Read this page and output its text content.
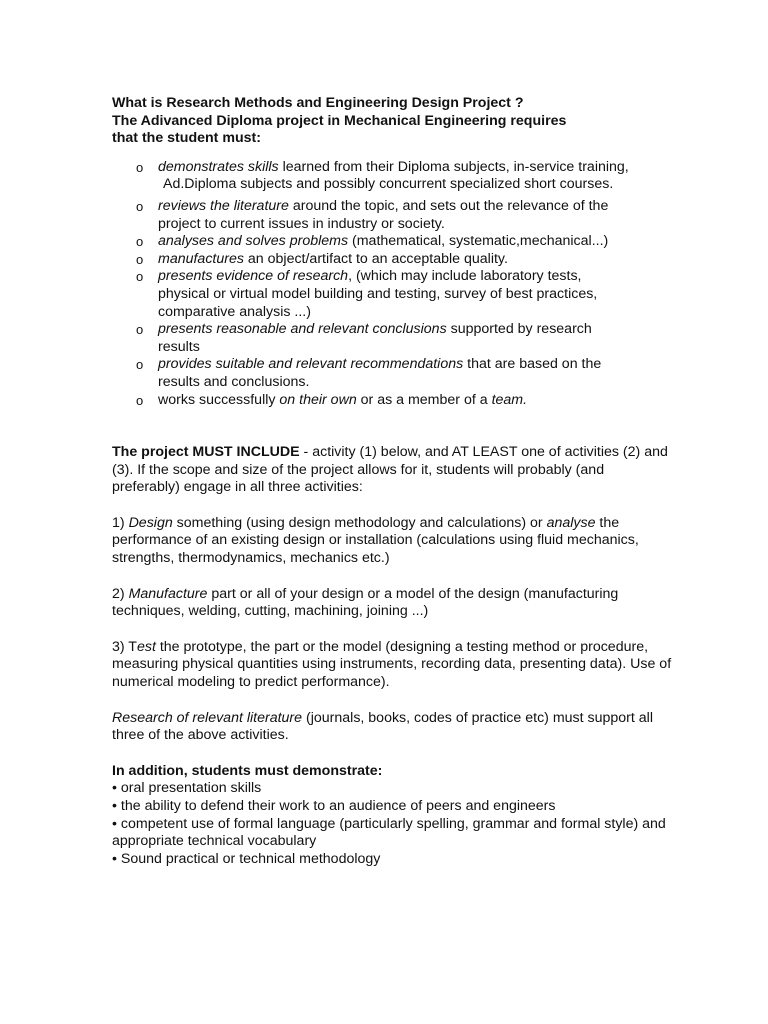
What is Research Methods and Engineering Design Project ?

The Adivanced Diploma project in Mechanical Engineering requires

that the student must:

o demonstrates skills learned from their Diploma subjects, in-service training,
Ad.Diploma subjects and possibly concurrent specialized short courses.
o reviews the literature around the topic, and sets out the relevance of the
project to current issues in industry or society.
o analyses and solves problems (mathematical, systematic,mechanical...)
o manufactures an object/artifact to an acceptable quality.
o presents evidence of research, (which may include laboratory tests,
physical or virtual model building and testing, survey of best practices,
comparative analysis ...)
o presents reasonable and relevant conclusions supported by research
results
o provides suitable and relevant recommendations that are based on the
results and conclusions.
o works successfully on their own or as a member of a team.

The project MUST INCLUDE - activity (1) below, and AT LEAST one of activities (2) and (3). If the scope and size of the project allows for it, students will probably (and preferably) engage in all three activities:

1) Design something (using design methodology and calculations) or analyse the performance of an existing design or installation (calculations using fluid mechanics, strengths, thermodynamics, mechanics etc.)

2) Manufacture part or all of your design or a model of the design (manufacturing techniques, welding, cutting, machining, joining ...)

3) Test the prototype, the part or the model (designing a testing method or procedure, measuring physical quantities using instruments, recording data, presenting data). Use of numerical modeling to predict performance).

Research of relevant literature (journals, books, codes of practice etc) must support all three of the above activities.

In addition, students must demonstrate:

• oral presentation skills

• the ability to defend their work to an audience of peers and engineers

• competent use of formal language (particularly spelling, grammar and formal style) and appropriate technical vocabulary

• Sound practical or technical methodology
